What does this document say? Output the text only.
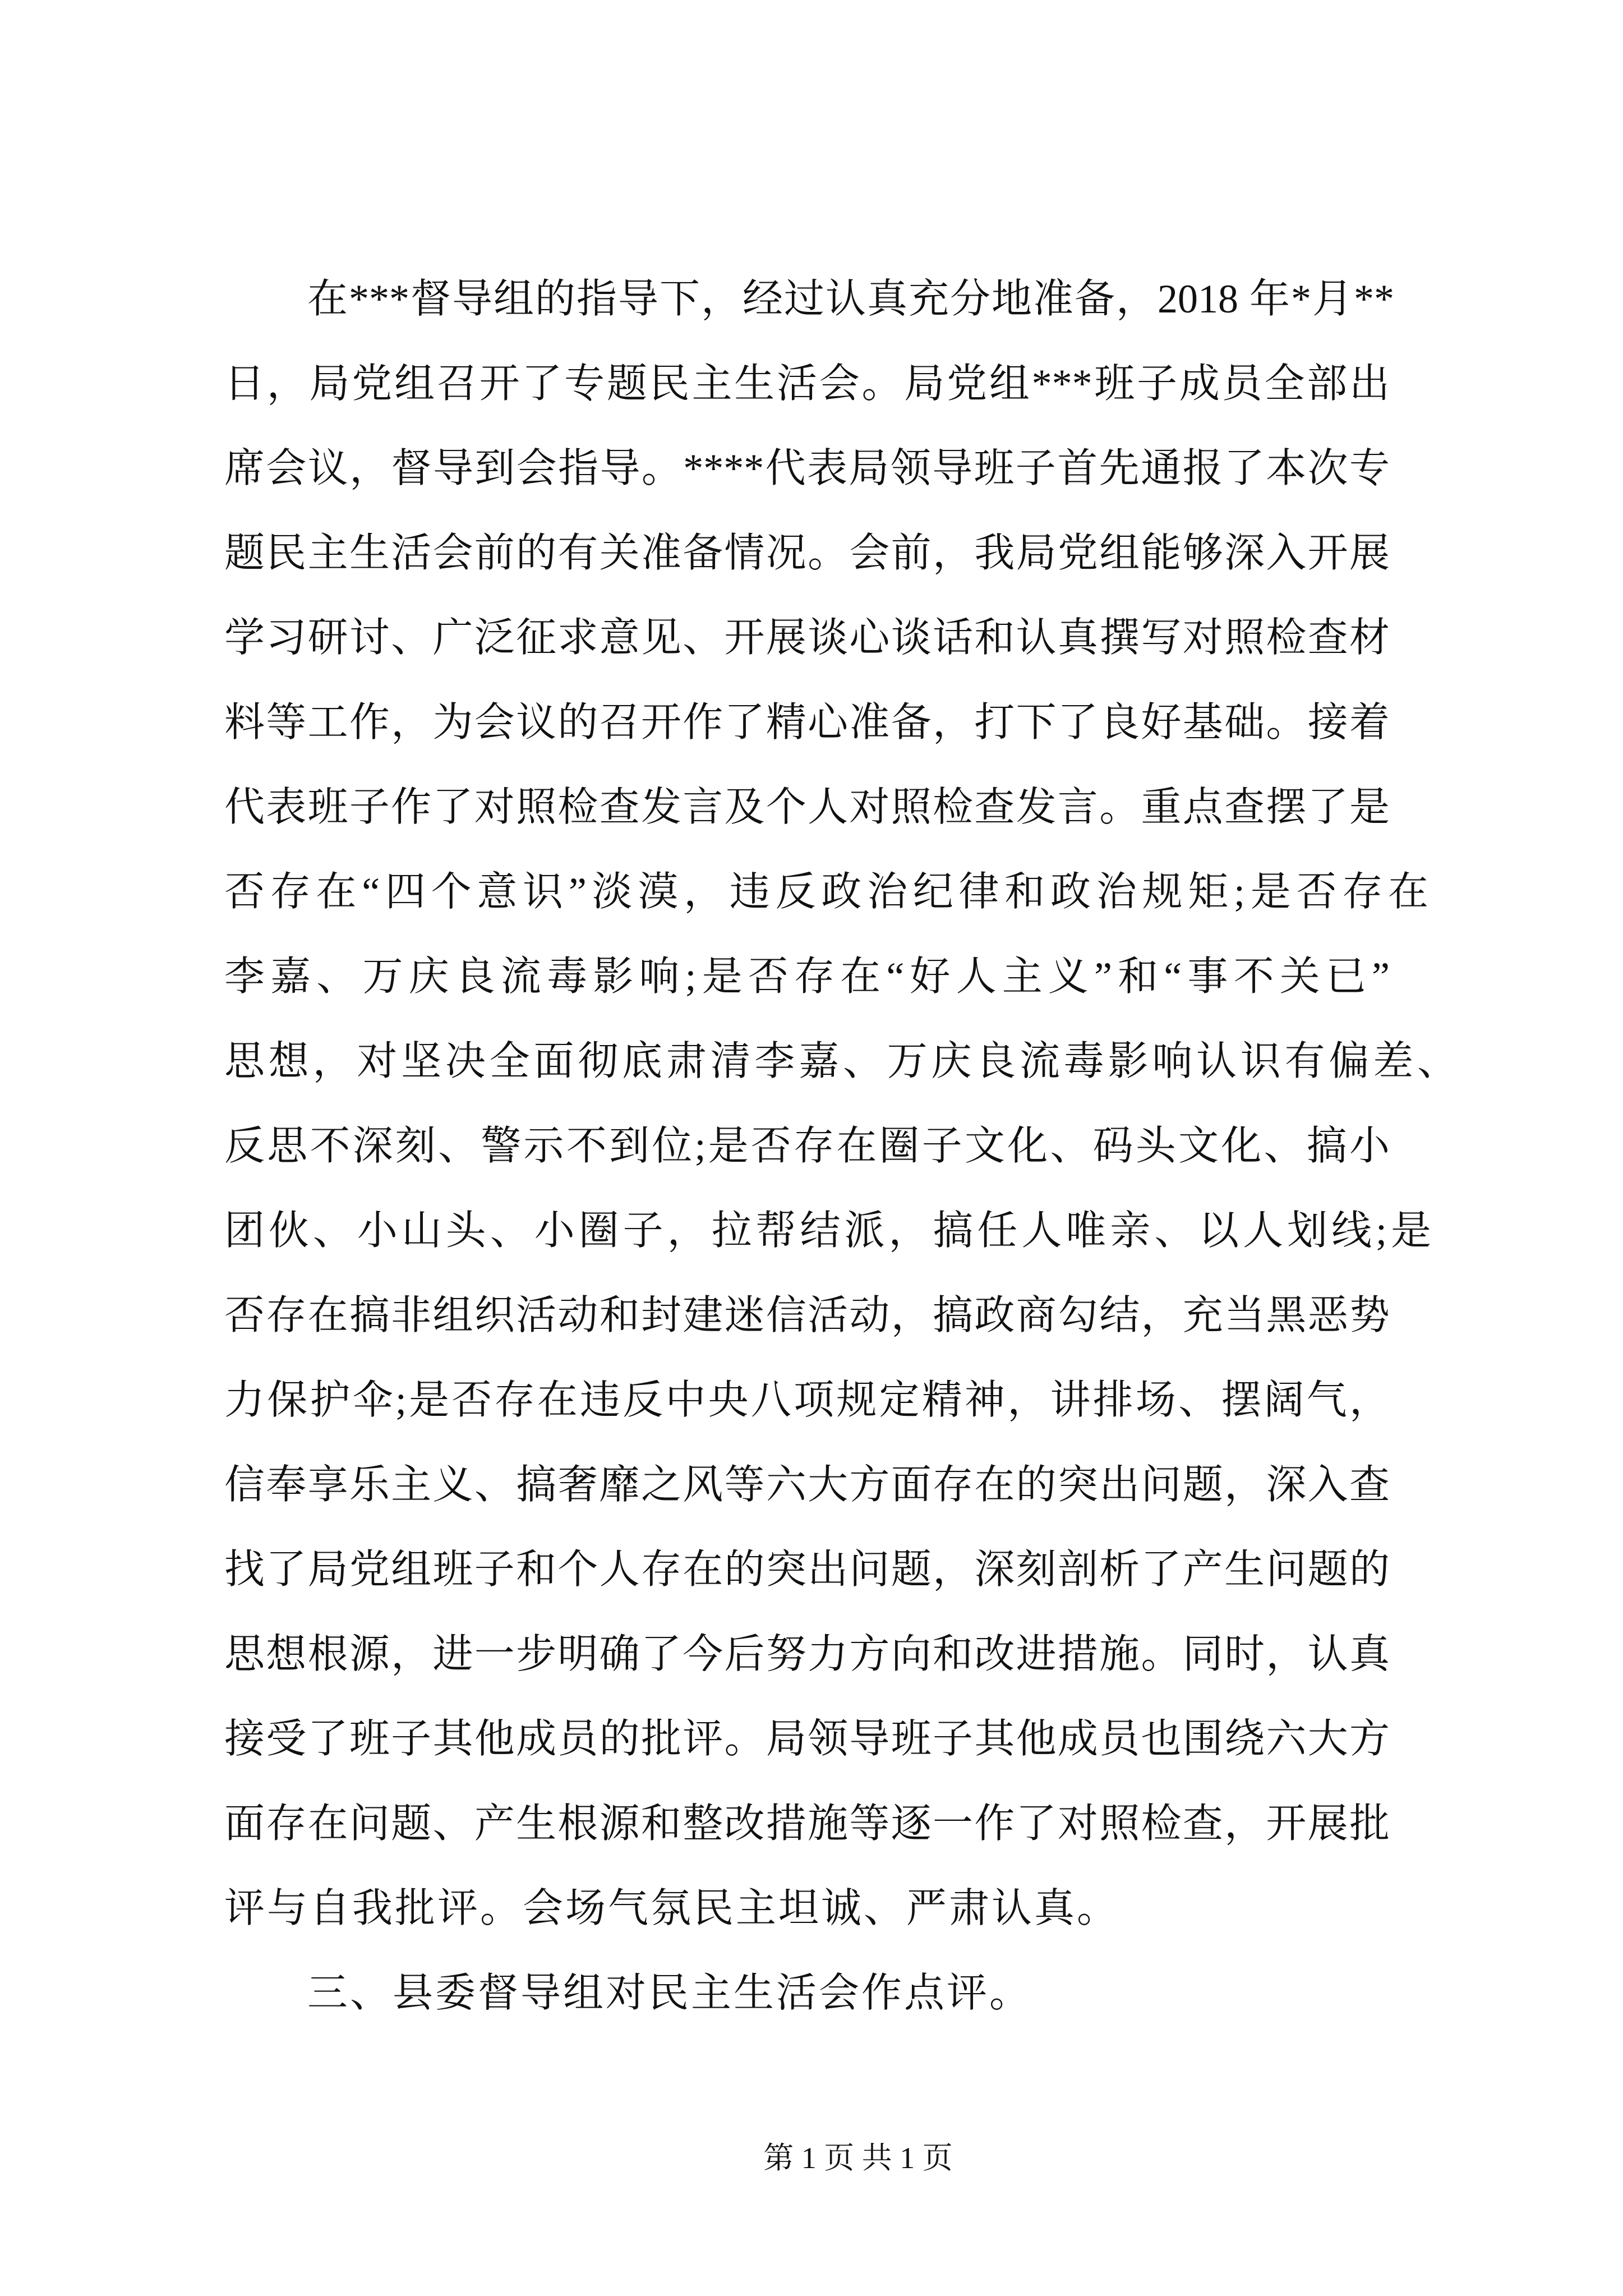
在***督导组的指导下，经过认真充分地准备，2018 年*月**
日，局党组召开了专题民主生活会。局党组***班子成员全部出
席会议，督导到会指导。****代表局领导班子首先通报了本次专
题民主生活会前的有关准备情况。会前，我局党组能够深入开展
学习研讨、广泛征求意见、开展谈心谈话和认真撰写对照检查材
料等工作，为会议的召开作了精心准备，打下了良好基础。接着
代表班子作了对照检查发言及个人对照检查发言。重点查摆了是
否存在“四个意识”淡漠，违反政治纪律和政治规矩;是否存在
李嘉、万庆良流毒影响;是否存在“好人主义”和“事不关已”
思想，对坚决全面彻底肃清李嘉、万庆良流毒影响认识有偏差、
反思不深刻、警示不到位;是否存在圈子文化、码头文化、搞小
团伙、小山头、小圈子，拉帮结派，搞任人唯亲、以人划线;是
否存在搞非组织活动和封建迷信活动，搞政商勾结，充当黑恶势
力保护伞;是否存在违反中央八项规定精神，讲排场、摆阔气，
信奉享乐主义、搞奢靡之风等六大方面存在的突出问题，深入查
找了局党组班子和个人存在的突出问题，深刻剖析了产生问题的
思想根源，进一步明确了今后努力方向和改进措施。同时，认真
接受了班子其他成员的批评。局领导班子其他成员也围绕六大方
面存在问题、产生根源和整改措施等逐一作了对照检查，开展批
评与自我批评。会场气氛民主坦诚、严肃认真。
三、县委督导组对民主生活会作点评。
第 1 页 共 1 页
